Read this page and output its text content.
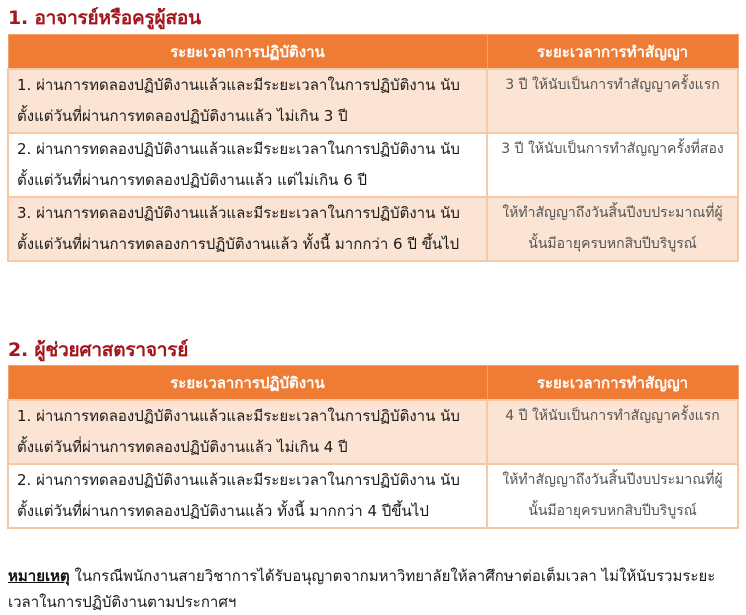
1. อาจารย์หรือครูผู้สอน
ระยะเวลาการปฏิบัติงาน	ระยะเวลาการทำสัญญา
1. ผ่านการทดลองปฏิบัติงานแล้วและมีระยะเวลาในการปฏิบัติงาน นับตั้งแต่วันที่ผ่านการทดลองปฏิบัติงานแล้ว ไม่เกิน 3 ปี	3 ปี ให้นับเป็นการทำสัญญาครั้งแรก
2. ผ่านการทดลองปฏิบัติงานแล้วและมีระยะเวลาในการปฏิบัติงาน นับตั้งแต่วันที่ผ่านการทดลองปฏิบัติงานแล้ว แต่ไม่เกิน 6 ปี	3 ปี ให้นับเป็นการทำสัญญาครั้งที่สอง
3. ผ่านการทดลองปฏิบัติงานแล้วและมีระยะเวลาในการปฏิบัติงาน นับตั้งแต่วันที่ผ่านการทดลองการปฏิบัติงานแล้ว ทั้งนี้ มากกว่า 6 ปี ขึ้นไป	ให้ทำสัญญาถึงวันสิ้นปีงบประมาณที่ผู้นั้นมีอายุครบหกสิบปีบริบูรณ์
2. ผู้ช่วยศาสตราจารย์
ระยะเวลาการปฏิบัติงาน	ระยะเวลาการทำสัญญา
1. ผ่านการทดลองปฏิบัติงานแล้วและมีระยะเวลาในการปฏิบัติงาน นับตั้งแต่วันที่ผ่านการทดลองปฏิบัติงานแล้ว ไม่เกิน 4 ปี	4 ปี ให้นับเป็นการทำสัญญาครั้งแรก
2. ผ่านการทดลองปฏิบัติงานแล้วและมีระยะเวลาในการปฏิบัติงาน นับตั้งแต่วันที่ผ่านการทดลองปฏิบัติงานแล้ว ทั้งนี้ มากกว่า 4 ปีขึ้นไป	ให้ทำสัญญาถึงวันสิ้นปีงบประมาณที่ผู้นั้นมีอายุครบหกสิบปีบริบูรณ์

หมายเหตุ ในกรณีพนักงานสายวิชาการได้รับอนุญาตจากมหาวิทยาลัยให้ลาศึกษาต่อเต็มเวลา ไม่ให้นับรวมระยะเวลาในการปฏิบัติงานตามประกาศฯ
